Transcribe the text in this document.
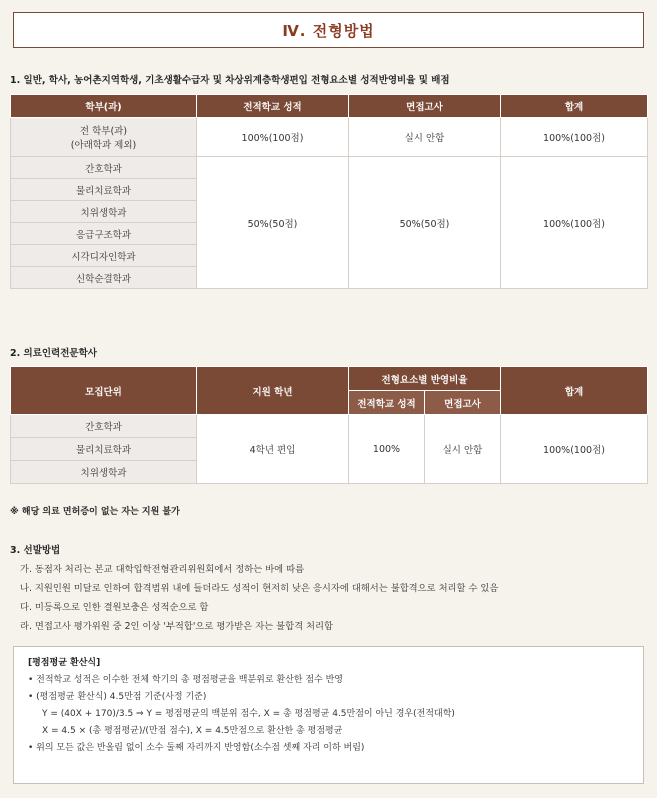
Ⅳ. 전형방법
1. 일반, 학사, 농어촌지역학생, 기초생활수급자 및 차상위계층학생편입 전형요소별 성적반영비율 및 배점
학부(과)	전적학교 성적	면접고사	합계

전 학부(과)
(아래학과 제외)	100%(100점)	실시 안함	100%(100점)
간호학과	50%(50점)	50%(50점)	100%(100점)
물리치료학과			
치위생학과			
응급구조학과			
시각디자인학과			
신학순결학과			
2. 의료인력전문학사
모집단위	지원 학년	전형요소별 반영비율		합계
		전적학교 성적	면접고사	
간호학과	4학년 편입	100%	실시 안함	100%(100점)
물리치료학과				
치위생학과				
※ 해당 의료 면허증이 없는 자는 지원 불가
3. 선발방법
가. 동점자 처리는 본교 대학입학전형관리위원회에서 정하는 바에 따름
나. 지원인원 미달로 인하여 합격범위 내에 들더라도 성적이 현저히 낮은 응시자에 대해서는 불합격으로 처리할 수 있음
다. 미등록으로 인한 결원보충은 성적순으로 함
라. 면접고사 평가위원 중 2인 이상 '부적합'으로 평가받은 자는 불합격 처리함
[평점평균 환산식]
• 전적학교 성적은 이수한 전체 학기의 총 평점평균을 백분위로 환산한 점수 반영
• (평점평균 환산식) 4.5만점 기준(사정 기준)
Y = (40X + 170)/3.5 ⇒ Y = 평점평균의 백분위 점수, X = 총 평점평균 4.5만점이 아닌 경우(전적대학)
X = 4.5 × (총 평점평균)/(만점 점수), X = 4.5만점으로 환산한 총 평점평균
• 위의 모든 값은 반올림 없이 소수 둘째 자리까지 반영함(소수점 셋째 자리 이하 버림)
